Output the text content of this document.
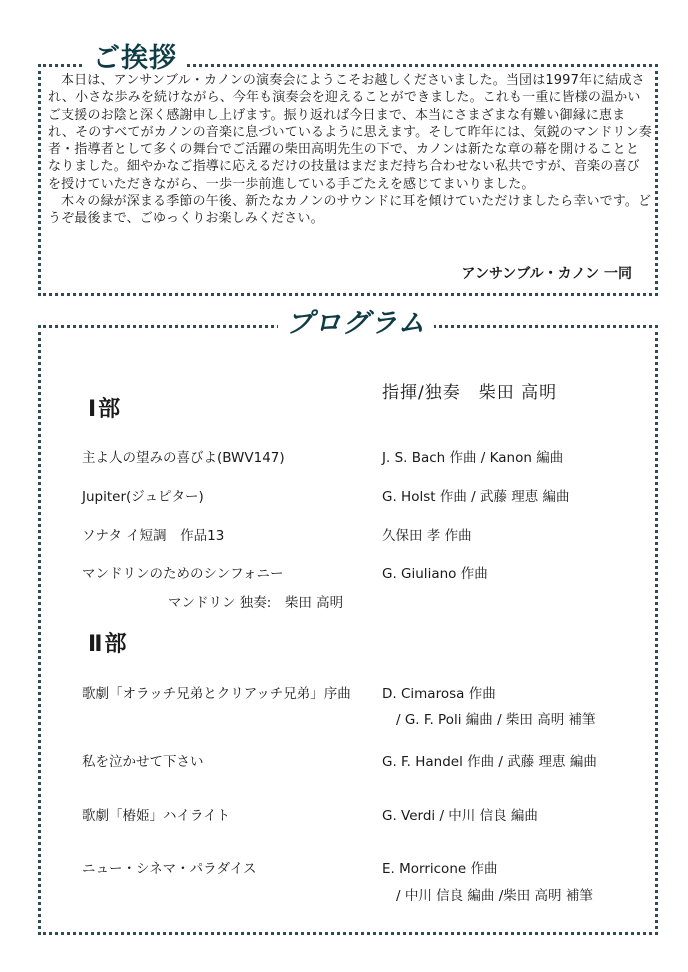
ご挨拶

本日は、アンサンブル・カノンの演奏会にようこそお越しくださいました。当団は1997年に結成され、小さな歩みを続けながら、今年も演奏会を迎えることができました。これも一重に皆様の温かいご支援のお陰と深く感謝申し上げます。振り返れば今日まで、本当にさまざまな有難い御縁に恵まれ、そのすべてがカノンの音楽に息づいているように思えます。そして昨年には、気鋭のマンドリン奏者・指導者として多くの舞台でご活躍の柴田高明先生の下で、カノンは新たな章の幕を開けることとなりました。細やかなご指導に応えるだけの技量はまだまだ持ち合わせない私共ですが、音楽の喜びを授けていただきながら、一歩一歩前進している手ごたえを感じてまいりました。

木々の緑が深まる季節の午後、新たなカノンのサウンドに耳を傾けていただけましたら幸いです。どうぞ最後まで、ごゆっくりお楽しみください。

アンサンブル・カノン 一同
プログラム
指揮/独奏　柴田 高明
Ⅰ部
主よ人の望みの喜びよ(BWV147)	J. S. Bach 作曲 / Kanon 編曲
Jupiter(ジュピター)	G. Holst 作曲 / 武藤 理恵 編曲
ソナタ イ短調　作品13	久保田 孝 作曲
マンドリンのためのシンフォニー	G. Giuliano 作曲
マンドリン 独奏:　柴田 高明
Ⅱ部
歌劇「オラッチ兄弟とクリアッチ兄弟」序曲 D. Cimarosa 作曲
/ G. F. Poli 編曲 / 柴田 高明 補筆
私を泣かせて下さい	G. F. Handel 作曲 / 武藤 理恵 編曲
歌劇「椿姫」ハイライト	G. Verdi / 中川 信良 編曲
ニュー・シネマ・パラダイス	E. Morricone 作曲
/ 中川 信良 編曲 /柴田 高明 補筆
